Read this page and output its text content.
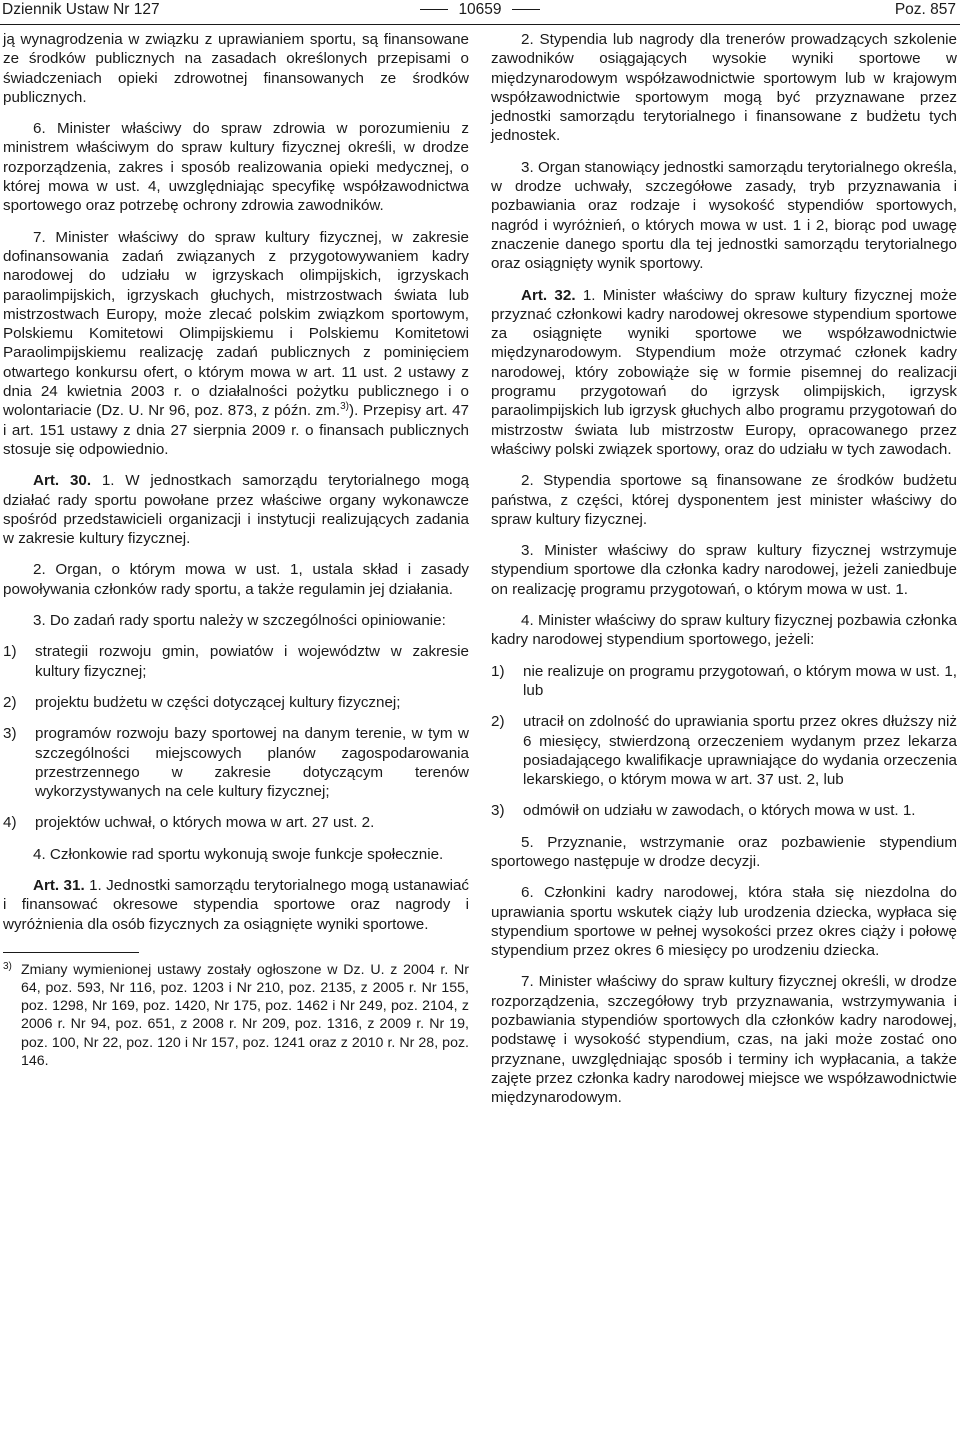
Dziennik Ustaw Nr 127	10659	Poz. 857

ją wynagrodzenia w związku z uprawianiem sportu, są finansowane ze środków publicznych na zasadach określonych przepisami o świadczeniach opieki zdrowotnej finansowanych ze środków publicznych.

6. Minister właściwy do spraw zdrowia w porozumieniu z ministrem właściwym do spraw kultury fizycznej określi, w drodze rozporządzenia, zakres i sposób realizowania opieki medycznej, o której mowa w ust. 4, uwzględniając specyfikę współzawodnictwa sportowego oraz potrzebę ochrony zdrowia zawodników.

7. Minister właściwy do spraw kultury fizycznej, w zakresie dofinansowania zadań związanych z przygotowywaniem kadry narodowej do udziału w igrzyskach olimpijskich, igrzyskach paraolimpijskich, igrzyskach głuchych, mistrzostwach świata lub mistrzostwach Europy, może zlecać polskim związkom sportowym, Polskiemu Komitetowi Olimpijskiemu i Polskiemu Komitetowi Paraolimpijskiemu realizację zadań publicznych z pominięciem otwartego konkursu ofert, o którym mowa w art. 11 ust. 2 ustawy z dnia 24 kwietnia 2003 r. o działalności pożytku publicznego i o wolontariacie (Dz. U. Nr 96, poz. 873, z późn. zm.$^{3)}$). Przepisy art. 47 i art. 151 ustawy z dnia 27 sierpnia 2009 r. o finansach publicznych stosuje się odpowiednio.

Art. 30. 1. W jednostkach samorządu terytorialnego mogą działać rady sportu powołane przez właściwe organy wykonawcze spośród przedstawicieli organizacji i instytucji realizujących zadania w zakresie kultury fizycznej.

2. Organ, o którym mowa w ust. 1, ustala skład i zasady powoływania członków rady sportu, a także regulamin jej działania.

3. Do zadań rady sportu należy w szczególności opiniowanie:

1)	strategii rozwoju gmin, powiatów i województw w zakresie kultury fizycznej;
2)	projektu budżetu w części dotyczącej kultury fizycznej;
3)	programów rozwoju bazy sportowej na danym terenie, w tym w szczególności miejscowych planów zagospodarowania przestrzennego w zakresie dotyczącym terenów wykorzystywanych na cele kultury fizycznej;
4)	projektów uchwał, o których mowa w art. 27 ust. 2.

4. Członkowie rad sportu wykonują swoje funkcje społecznie.

Art. 31. 1. Jednostki samorządu terytorialnego mogą ustanawiać i finansować okresowe stypendia sportowe oraz nagrody i wyróżnienia dla osób fizycznych za osiągnięte wyniki sportowe.

3) Zmiany wymienionej ustawy zostały ogłoszone w Dz. U. z 2004 r. Nr 64, poz. 593, Nr 116, poz. 1203 i Nr 210, poz. 2135, z 2005 r. Nr 155, poz. 1298, Nr 169, poz. 1420, Nr 175, poz. 1462 i Nr 249, poz. 2104, z 2006 r. Nr 94, poz. 651, z 2008 r. Nr 209, poz. 1316, z 2009 r. Nr 19, poz. 100, Nr 22, poz. 120 i Nr 157, poz. 1241 oraz z 2010 r. Nr 28, poz. 146.

2. Stypendia lub nagrody dla trenerów prowadzących szkolenie zawodników osiągających wysokie wyniki sportowe w międzynarodowym współzawodnictwie sportowym lub w krajowym współzawodnictwie sportowym mogą być przyznawane przez jednostki samorządu terytorialnego i finansowane z budżetu tych jednostek.

3. Organ stanowiący jednostki samorządu terytorialnego określa, w drodze uchwały, szczegółowe zasady, tryb przyznawania i pozbawiania oraz rodzaje i wysokość stypendiów sportowych, nagród i wyróżnień, o których mowa w ust. 1 i 2, biorąc pod uwagę znaczenie danego sportu dla tej jednostki samorządu terytorialnego oraz osiągnięty wynik sportowy.

Art. 32. 1. Minister właściwy do spraw kultury fizycznej może przyznać członkowi kadry narodowej okresowe stypendium sportowe za osiągnięte wyniki sportowe we współzawodnictwie międzynarodowym. Stypendium może otrzymać członek kadry narodowej, który zobowiąże się w formie pisemnej do realizacji programu przygotowań do igrzysk olimpijskich, igrzysk paraolimpijskich lub igrzysk głuchych albo programu przygotowań do mistrzostw świata lub mistrzostw Europy, opracowanego przez właściwy polski związek sportowy, oraz do udziału w tych zawodach.

2. Stypendia sportowe są finansowane ze środków budżetu państwa, z części, której dysponentem jest minister właściwy do spraw kultury fizycznej.

3. Minister właściwy do spraw kultury fizycznej wstrzymuje stypendium sportowe dla członka kadry narodowej, jeżeli zaniedbuje on realizację programu przygotowań, o którym mowa w ust. 1.

4. Minister właściwy do spraw kultury fizycznej pozbawia członka kadry narodowej stypendium sportowego, jeżeli:

1)	nie realizuje on programu przygotowań, o którym mowa w ust. 1, lub
2)	utracił on zdolność do uprawiania sportu przez okres dłuższy niż 6 miesięcy, stwierdzoną orzeczeniem wydanym przez lekarza posiadającego kwalifikacje uprawniające do wydania orzeczenia lekarskiego, o którym mowa w art. 37 ust. 2, lub
3)	odmówił on udziału w zawodach, o których mowa w ust. 1.

5. Przyznanie, wstrzymanie oraz pozbawienie stypendium sportowego następuje w drodze decyzji.

6. Członkini kadry narodowej, która stała się niezdolna do uprawiania sportu wskutek ciąży lub urodzenia dziecka, wypłaca się stypendium sportowe w pełnej wysokości przez okres ciąży i połowę stypendium przez okres 6 miesięcy po urodzeniu dziecka.

7. Minister właściwy do spraw kultury fizycznej określi, w drodze rozporządzenia, szczegółowy tryb przyznawania, wstrzymywania i pozbawiania stypendiów sportowych dla członków kadry narodowej, podstawę i wysokość stypendium, czas, na jaki może zostać ono przyznane, uwzględniając sposób i terminy ich wypłacania, a także zajęte przez członka kadry narodowej miejsce we współzawodnictwie międzynarodowym.
